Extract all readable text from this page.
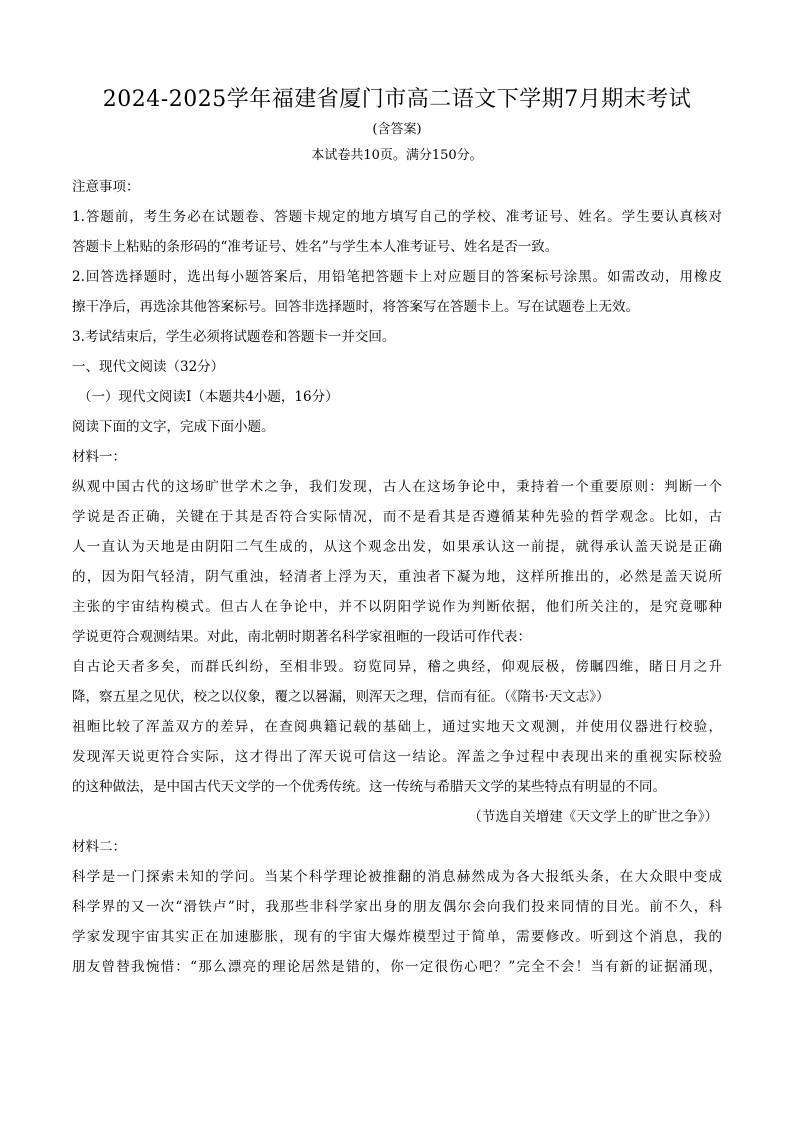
2024-2025学年福建省厦门市高二语文下学期7月期末考试
(含答案)
本试卷共10页。满分150分。
注意事项：
1.答题前，考生务必在试题卷、答题卡规定的地方填写自己的学校、准考证号、姓名。学生要认真核对
答题卡上粘贴的条形码的“准考证号、姓名”与学生本人准考证号、姓名是否一致。
2.回答选择题时，选出每小题答案后，用铅笔把答题卡上对应题目的答案标号涂黑。如需改动，用橡皮
擦干净后，再选涂其他答案标号。回答非选择题时，将答案写在答题卡上。写在试题卷上无效。
3.考试结束后，学生必须将试题卷和答题卡一并交回。
一、现代文阅读（32分）
（一）现代文阅读Ⅰ（本题共4小题，16分）
阅读下面的文字，完成下面小题。
材料一：
纵观中国古代的这场旷世学术之争，我们发现，古人在这场争论中，秉持着一个重要原则：判断一个
学说是否正确，关键在于其是否符合实际情况，而不是看其是否遵循某种先验的哲学观念。比如，古
人一直认为天地是由阴阳二气生成的，从这个观念出发，如果承认这一前提，就得承认盖天说是正确
的，因为阳气轻清，阴气重浊，轻清者上浮为天，重浊者下凝为地，这样所推出的，必然是盖天说所
主张的宇宙结构模式。但古人在争论中，并不以阴阳学说作为判断依据，他们所关注的，是究竟哪种
学说更符合观测结果。对此，南北朝时期著名科学家祖暅的一段话可作代表：
自古论天者多矣，而群氏纠纷，至相非毁。窃览同异，稽之典经，仰观辰极，傍瞩四维，睹日月之升
降，察五星之见伏，校之以仪象，覆之以晷漏，则浑天之理，信而有征。（《隋书·天文志》）
祖暅比较了浑盖双方的差异，在查阅典籍记载的基础上，通过实地天文观测，并使用仪器进行校验，
发现浑天说更符合实际，这才得出了浑天说可信这一结论。浑盖之争过程中表现出来的重视实际校验
的这种做法，是中国古代天文学的一个优秀传统。这一传统与希腊天文学的某些特点有明显的不同。
（节选自关增建《天文学上的旷世之争》）
材料二：
科学是一门探索未知的学问。当某个科学理论被推翻的消息赫然成为各大报纸头条，在大众眼中变成
科学界的又一次“滑铁卢”时，我那些非科学家出身的朋友偶尔会向我们投来同情的目光。前不久，科
学家发现宇宙其实正在加速膨胀，现有的宇宙大爆炸模型过于简单，需要修改。听到这个消息，我的
朋友曾替我惋惜：“那么漂亮的理论居然是错的，你一定很伤心吧？”完全不会！当有新的证据涌现，
